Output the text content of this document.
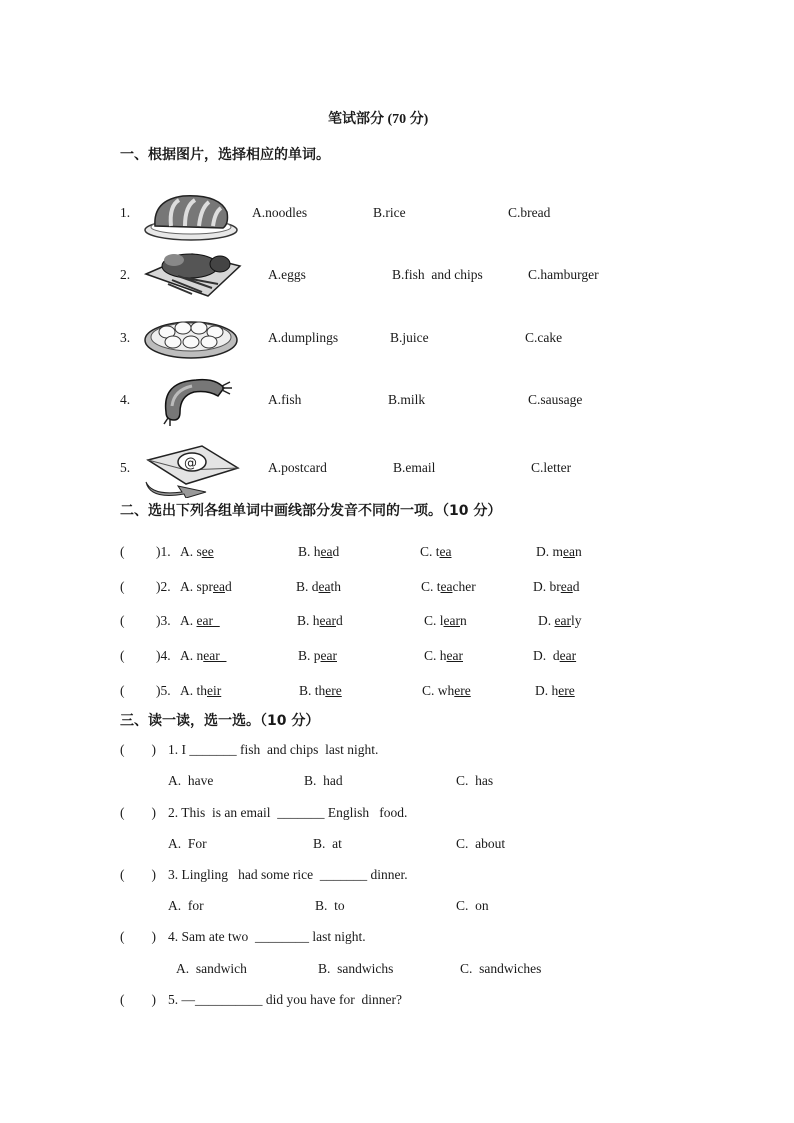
笔试部分 (70 分)
一、根据图片，选择相应的单词。
1.	A.noodles	B.rice	C.bread
2.	A.eggs	B.fish  and chips	C.hamburger
3.	A.dumplings	B.juice	C.cake
4.	A.fish	B.milk	C.sausage
5.	@	A.postcard	B.email	C.letter
二、选出下列各组单词中画线部分发音不同的一项。（10 分）
( )1. A. see	B. head	C. tea	D. mean
( )2. A. spread	B. death	C. teacher	D. bread
( )3. A. ear	B. heard	C. learn	D. early
( )4. A. near	B. pear	C. hear	D.  dear
( )5. A. their	B. there	C. where	D. here
三、读一读，选一选。（10 分）
(        ) 1. I _______ fish  and chips  last night.
A.  have	B.  had	C.  has
(        ) 2. This  is an email  _______ English   food.
A.  For	B.  at	C.  about
(        ) 3. Lingling   had some rice  _______ dinner.
A.  for	B.  to	C.  on
(        ) 4. Sam ate two  ________ last night.
A.  sandwich	B.  sandwichs	C.  sandwiches
(        ) 5. —__________ did you have for  dinner?
